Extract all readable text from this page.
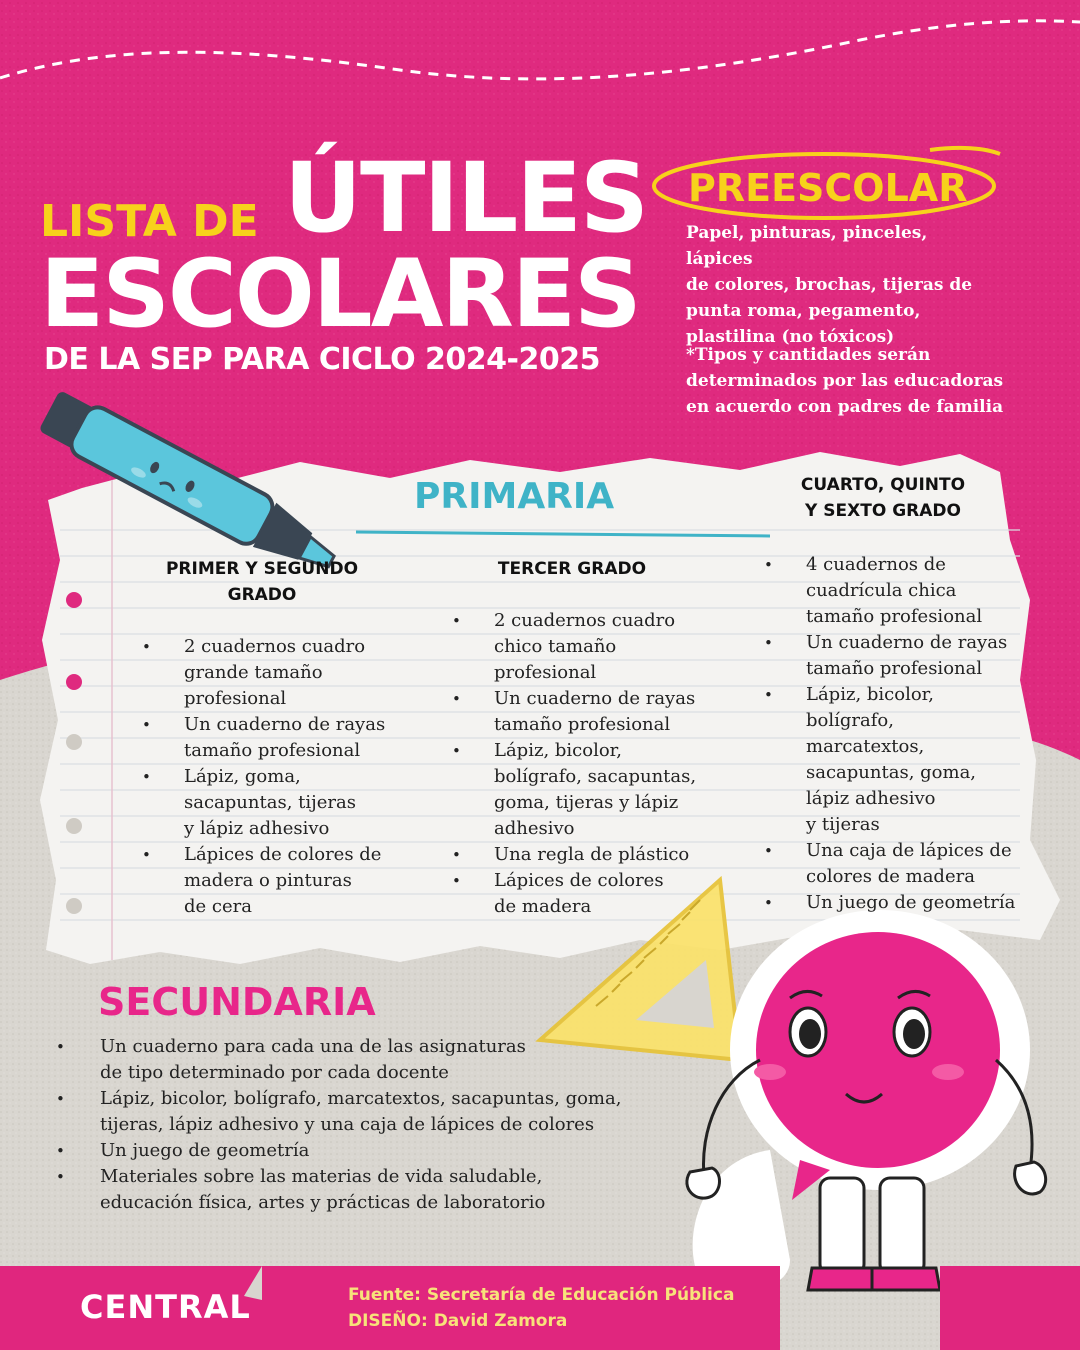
LISTA DE ÚTILES
ESCOLARES
DE LA SEP PARA CICLO 2024-2025
PREESCOLAR
Papel, pinturas, pinceles, lápices
de colores, brochas, tijeras de
punta roma, pegamento,
plastilina (no tóxicos)
*Tipos y cantidades serán
determinados por las educadoras
en acuerdo con padres de familia
PRIMARIA
PRIMER Y SEGUNDO
GRADO
• 2 cuadernos cuadro
grande tamaño
profesional
• Un cuaderno de rayas
tamaño profesional
• Lápiz, goma,
sacapuntas, tijeras
y lápiz adhesivo
• Lápices de colores de
madera o pinturas
de cera
TERCER GRADO
• 2 cuadernos cuadro
chico tamaño
profesional
• Un cuaderno de rayas
tamaño profesional
• Lápiz, bicolor,
bolígrafo, sacapuntas,
goma, tijeras y lápiz
adhesivo
• Una regla de plástico
• Lápices de colores
de madera
CUARTO, QUINTO
Y SEXTO GRADO
• 4 cuadernos de
cuadrícula chica
tamaño profesional
• Un cuaderno de rayas
tamaño profesional
• Lápiz, bicolor,
bolígrafo,
marcatextos,
sacapuntas, goma,
lápiz adhesivo
y tijeras
• Una caja de lápices de
colores de madera
• Un juego de geometría
SECUNDARIA
• Un cuaderno para cada una de las asignaturas
de tipo determinado por cada docente
• Lápiz, bicolor, bolígrafo, marcatextos, sacapuntas, goma,
tijeras, lápiz adhesivo y una caja de lápices de colores
• Un juego de geometría
• Materiales sobre las materias de vida saludable,
educación física, artes y prácticas de laboratorio
CENTRAL	Fuente: Secretaría de Educación Pública
DISEÑO: David Zamora
